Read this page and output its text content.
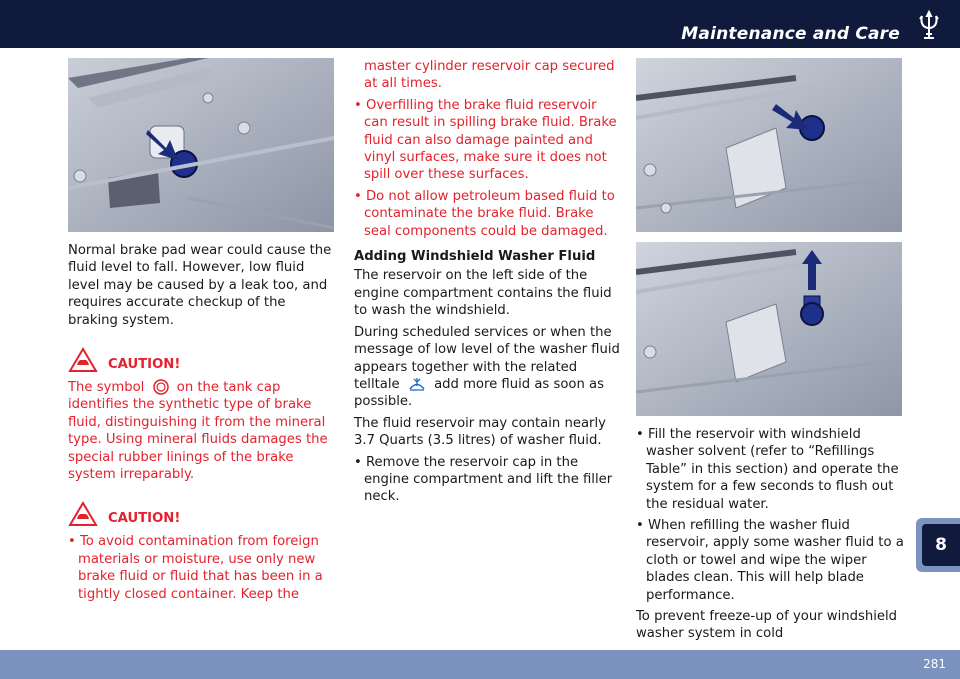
Maintenance and Care

Normal brake pad wear could cause the fluid level to fall. However, low fluid level may be caused by a leak too, and requires accurate checkup of the braking system.

CAUTION!

The symbol on the tank cap identifies the synthetic type of brake fluid, distinguishing it from the mineral type. Using mineral fluids damages the special rubber linings of the brake system irreparably.

CAUTION!

• To avoid contamination from foreign materials or moisture, use only new brake fluid or fluid that has been in a tightly closed container. Keep the

master cylinder reservoir cap secured at all times.

• Overfilling the brake fluid reservoir can result in spilling brake fluid. Brake fluid can also damage painted and vinyl surfaces, make sure it does not spill over these surfaces.

• Do not allow petroleum based fluid to contaminate the brake fluid. Brake seal components could be damaged.

Adding Windshield Washer Fluid

The reservoir on the left side of the engine compartment contains the fluid to wash the windshield.

During scheduled services or when the message of low level of the washer fluid appears together with the related telltale	add more fluid as soon as possible.

The fluid reservoir may contain nearly 3.7 Quarts (3.5 litres) of washer fluid.

• Remove the reservoir cap in the engine compartment and lift the filler neck.

• Fill the reservoir with windshield washer solvent (refer to “Refillings Table” in this section) and operate the system for a few seconds to flush out the residual water.

• When refilling the washer fluid reservoir, apply some washer fluid to a cloth or towel and wipe the wiper blades clean. This will help blade performance.

To prevent freeze-up of your windshield washer system in cold

8
281
